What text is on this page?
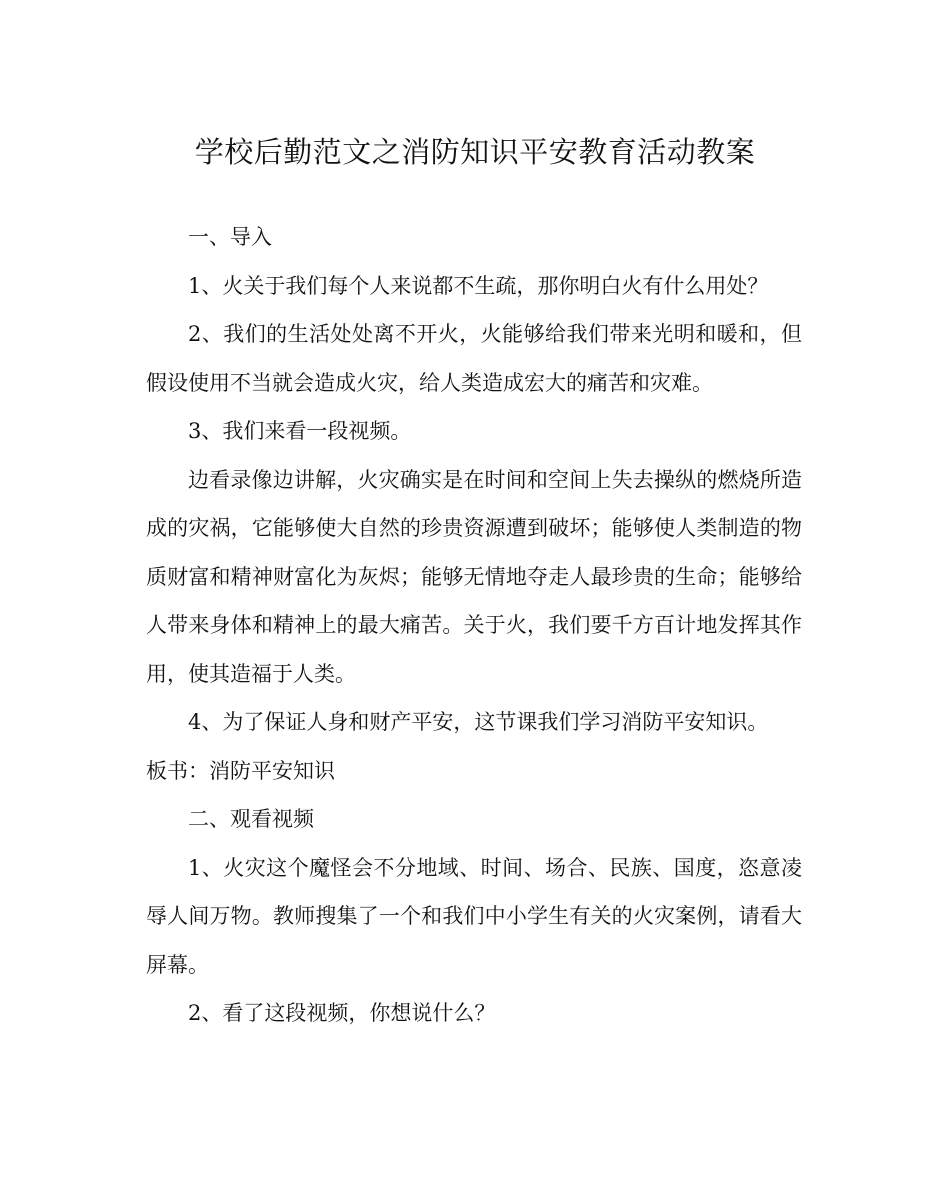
学校后勤范文之消防知识平安教育活动教案

一、导入

1、火关于我们每个人来说都不生疏，那你明白火有什么用处？

2、我们的生活处处离不开火，火能够给我们带来光明和暖和，但假设使用不当就会造成火灾，给人类造成宏大的痛苦和灾难。

3、我们来看一段视频。

边看录像边讲解，火灾确实是在时间和空间上失去操纵的燃烧所造成的灾祸，它能够使大自然的珍贵资源遭到破坏；能够使人类制造的物质财富和精神财富化为灰烬；能够无情地夺走人最珍贵的生命；能够给人带来身体和精神上的最大痛苦。关于火，我们要千方百计地发挥其作用，使其造福于人类。

4、为了保证人身和财产平安，这节课我们学习消防平安知识。

板书：消防平安知识

二、观看视频

1、火灾这个魔怪会不分地域、时间、场合、民族、国度，恣意凌辱人间万物。教师搜集了一个和我们中小学生有关的火灾案例，请看大屏幕。

2、看了这段视频，你想说什么？
